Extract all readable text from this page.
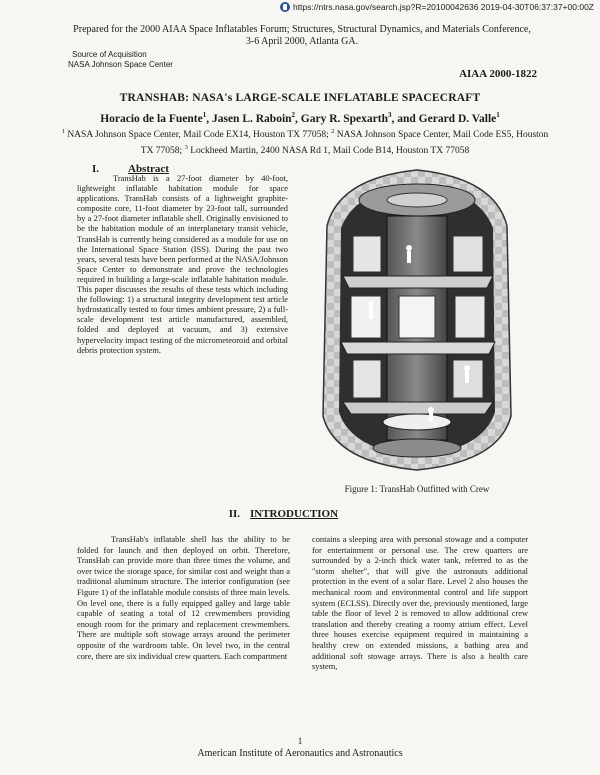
https://ntrs.nasa.gov/search.jsp?R=20100042636 2019-04-30T06:37:37+00:00Z
Prepared for the 2000 AIAA Space Inflatables Forum; Structures, Structural Dynamics, and Materials Conference,
3-6 April 2000, Atlanta GA.
Source of Acquisition
NASA Johnson Space Center
AIAA 2000-1822
TRANSHAB: NASA's LARGE-SCALE INFLATABLE SPACECRAFT
Horacio de la Fuente$^1$, Jasen L. Raboin$^2$, Gary R. Spexarth$^3$, and Gerard D. Valle$^1$
$^1$ NASA Johnson Space Center, Mail Code EX14, Houston TX 77058; $^2$ NASA Johnson Space Center, Mail Code ES5, Houston TX 77058; $^3$ Lockheed Martin, 2400 NASA Rd 1, Mail Code B14, Houston TX 77058
I.	Abstract
TransHab is a 27-foot diameter by 40-foot, lightweight inflatable habitation module for space applications. TransHab consists of a lightweight graphite-composite core, 11-foot diameter by 23-foot tall, surrounded by a 27-foot diameter inflatable shell. Originally envisioned to be the habitation module of an interplanetary transit vehicle, TransHab is currently being considered as a module for use on the International Space Station (ISS). During the past two years, several tests have been performed at the NASA/Johnson Space Center to demonstrate and prove the technologies required in building a large-scale inflatable habitation module. This paper discusses the results of these tests which including the following: 1) a structural integrity development test article hydrostatically tested to four times ambient pressure, 2) a full-scale development test article manufactured, assembled, folded and deployed at vacuum, and 3) extensive hypervelocity impact testing of the micrometeoroid and orbital debris protection system.
Figure 1: TransHab Outfitted with Crew
II. INTRODUCTION
TransHab's inflatable shell has the ability to be folded for launch and then deployed on orbit. Therefore, TransHab can provide more than three times the volume, and over twice the storage space, for similar cost and weight than a traditional aluminum structure. The interior configuration (see Figure 1) of the inflatable module consists of three main levels. On level one, there is a fully equipped galley and large table capable of seating a total of 12 crewmembers providing enough room for the primary and replacement crewmembers. There are multiple soft stowage arrays around the perimeter opposite of the wardroom table. On level two, in the central core, there are six individual crew quarters. Each compartment
contains a sleeping area with personal stowage and a computer for entertainment or personal use. The crew quarters are surrounded by a 2-inch thick water tank, referred to as the "storm shelter", that will give the astronauts additional protection in the event of a solar flare. Level 2 also houses the mechanical room and environmental control and life support system (ECLSS). Directly over the, previously mentioned, large table the floor of level 2 is removed to allow additional crew translation and thereby creating a roomy atrium effect. Level three houses exercise equipment required in maintaining a healthy crew on extended missions, a bathing area and additional soft stowage arrays. There is also a health care system,
1
American Institute of Aeronautics and Astronautics
